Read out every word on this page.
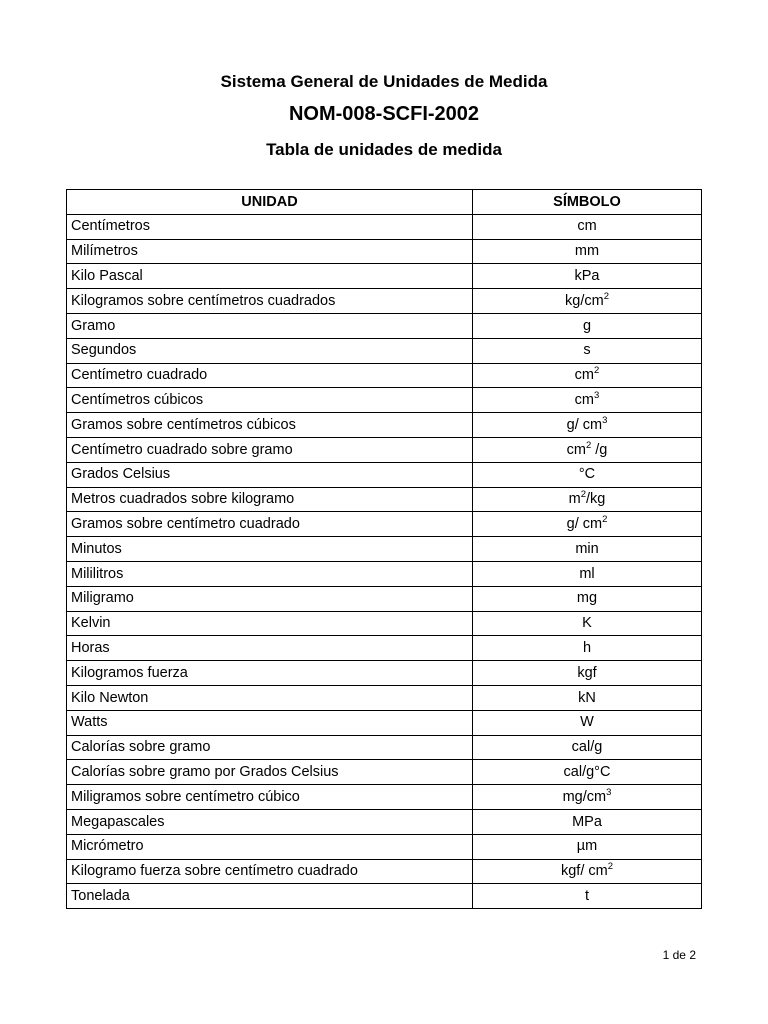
Sistema General de Unidades de Medida
NOM-008-SCFI-2002
Tabla de unidades de medida
UNIDAD	SÍMBOLO
Centímetros	cm
Milímetros	mm
Kilo Pascal	kPa
Kilogramos sobre centímetros cuadrados	$kg/cm^2$
Gramo	g
Segundos	s
Centímetro cuadrado	$cm^2$
Centímetros cúbicos	$cm^3$
Gramos sobre centímetros cúbicos	g/ $cm^3$
Centímetro cuadrado sobre gramo	$cm^2$ /g
Grados Celsius	°C
Metros cuadrados sobre kilogramo	$m^2/kg$
Gramos sobre centímetro cuadrado	g/ $cm^2$
Minutos	min
Mililitros	ml
Miligramo	mg
Kelvin	K
Horas	h
Kilogramos fuerza	kgf
Kilo Newton	kN
Watts	W
Calorías sobre gramo	cal/g
Calorías sobre gramo por Grados Celsius	cal/g°C
Miligramos sobre centímetro cúbico	$mg/cm^3$
Megapascales	MPa
Micrómetro	µm
Kilogramo fuerza sobre centímetro cuadrado	kgf/ $cm^2$
Tonelada	t
1 de 2
